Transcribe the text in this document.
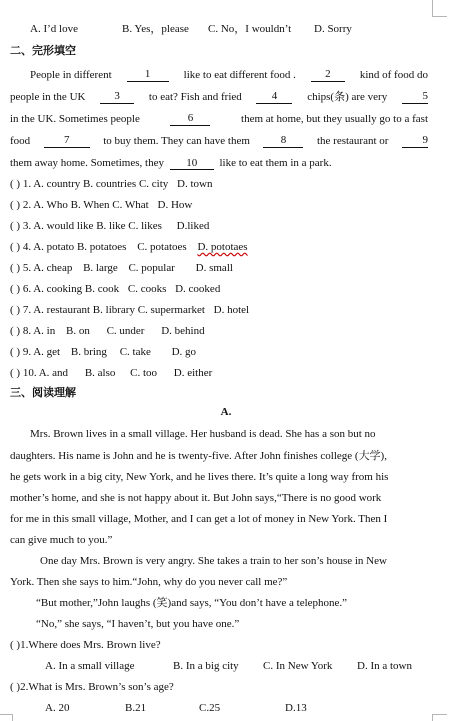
A. I’d love	B. Yes，please C. No，I wouldn’t D. Sorry
二、完形填空
People in different	1	like to eat different food .	2	kind of food do
people in the UK	3	to eat? Fish and fried	4	chips(条) are very	5
in the UK. Sometimes people	6	them at home, but they usually go to a fast
food	7	to buy them. They can have them	8	the restaurant or	9
them away home. Sometimes, they 10 like to eat them in a park.
( ) 1. A. country B. countries C. city D. town
( ) 2. A. Who B. When C. What D. How
( ) 3. A. would like B. like C. likes D.liked
( ) 4. A. potato B. potatoes C. potatoes D. pototaes
( ) 5. A. cheap B. large C. popular D. small
( ) 6. A. cooking B. cook C. cooks D. cooked
( ) 7. A. restaurant B. library C. supermarket D. hotel
( ) 8. A. in B. on C. under D. behind
( ) 9. A. get B. bring C. take D. go
( ) 10. A. and B. also C. too D. either
三、阅读理解
A.
Mrs. Brown lives in a small village. Her husband is dead. She has a son but no
daughters. His name is John and he is twenty-five. After John finishes college (大学),
he gets work in a big city, New York, and he lives there. It’s quite a long way from his
mother’s home, and she is not happy about it. But John says,“There is no good work
for me in this small village, Mother, and I can get a lot of money in New York. Then I
can give much to you.”
One day Mrs. Brown is very angry. She takes a train to her son’s house in New
York. Then she says to him.“John, why do you never call me?”
“But mother,”John laughs (笑)and says, “You don’t have a telephone.”
“No,” she says, “I haven’t, but you have one.”
( )1.Where does Mrs. Brown live?
A. In a small village	B. In a big city C. In New York D. In a town
( )2.What is Mrs. Brown’s son’s age?
A. 20	B.21	C.25	D.13
